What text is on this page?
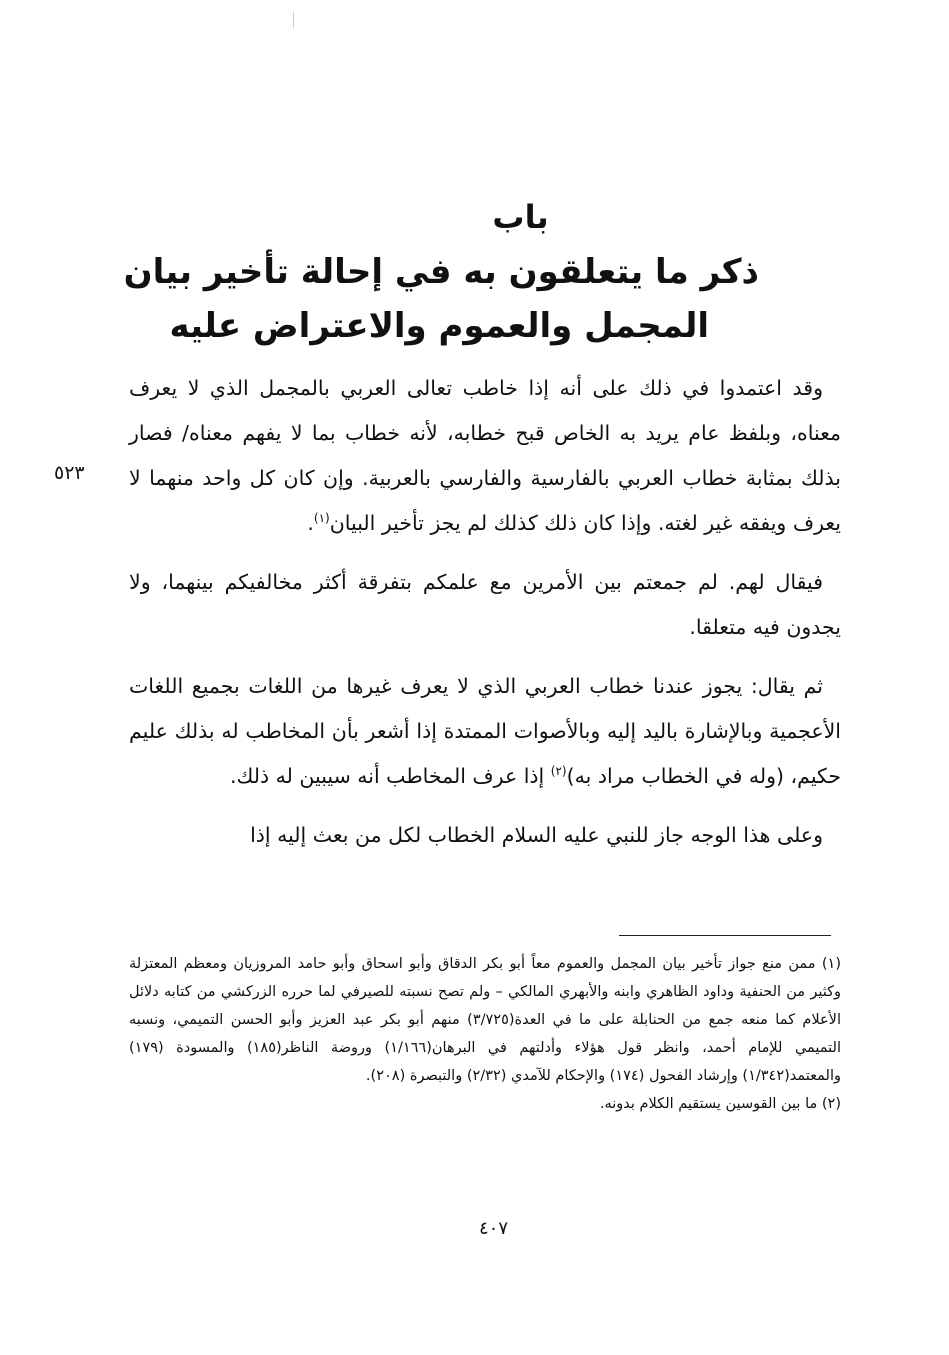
باب
ذكر ما يتعلقون به في إحالة تأخير بيان
المجمل والعموم والاعتراض عليه
٥٢٣

وقد اعتمدوا في ذلك على أنه إذا خاطب تعالى العربي بالمجمل الذي لا يعرف معناه، وبلفظ عام يريد به الخاص قبح خطابه، لأنه خطاب بما لا يفهم معناه/ فصار بذلك بمثابة خطاب العربي بالفارسية والفارسي بالعربية. وإن كان كل واحد منهما لا يعرف ويفقه غير لغته. وإذا كان ذلك كذلك لم يجز تأخير البيان$^{(١)}$.

فيقال لهم. لم جمعتم بين الأمرين مع علمكم بتفرقة أكثر مخالفيكم بينهما، ولا يجدون فيه متعلقا.

ثم يقال: يجوز عندنا خطاب العربي الذي لا يعرف غيرها من اللغات بجميع اللغات الأعجمية وبالإشارة باليد إليه وبالأصوات الممتدة إذا أشعر بأن المخاطب له بذلك عليم حكيم، (وله في الخطاب مراد به)$^{(٢)}$ إذا عرف المخاطب أنه سيبين له ذلك.

وعلى هذا الوجه جاز للنبي عليه السلام الخطاب لكل من بعث إليه إذا

(١) ممن منع جواز تأخير بيان المجمل والعموم معاً أبو بكر الدقاق وأبو اسحاق وأبو حامد المروزيان ومعظم المعتزلة وكثير من الحنفية وداود الظاهري وابنه والأبهري المالكي – ولم تصح نسبته للصيرفي لما حرره الزركشي من كتابه دلائل الأعلام كما منعه جمع من الحنابلة على ما في العدة(٣/٧٢٥) منهم أبو بكر عبد العزيز وأبو الحسن التميمي، ونسبه التميمي للإمام أحمد، وانظر قول هؤلاء وأدلتهم في البرهان(١/١٦٦) وروضة الناظر(١٨٥) والمسودة (١٧٩) والمعتمد(١/٣٤٢) وإرشاد الفحول (١٧٤) والإحكام للآمدي (٢/٣٢) والتبصرة (٢٠٨).

(٢) ما بين القوسين يستقيم الكلام بدونه.

٤٠٧
